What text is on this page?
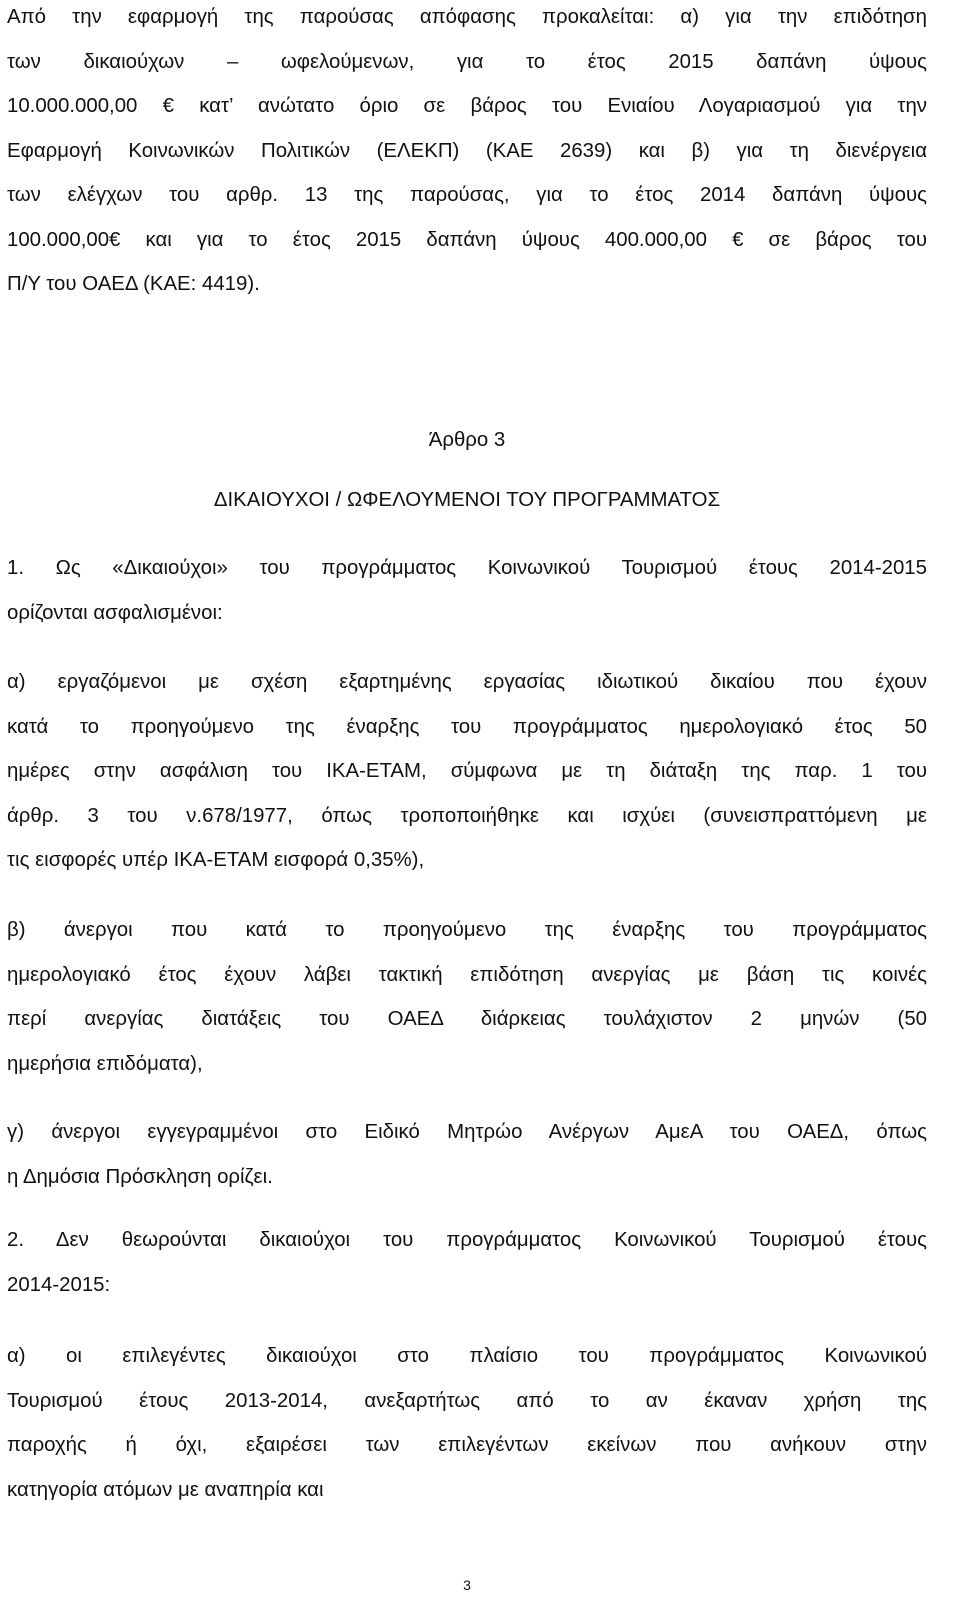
Από την εφαρμογή της παρούσας απόφασης προκαλείται: α) για την επιδότηση
των δικαιούχων – ωφελούμενων, για το έτος 2015 δαπάνη ύψους
10.000.000,00 € κατ’ ανώτατο όριο σε βάρος του Ενιαίου Λογαριασμού για την
Εφαρμογή Κοινωνικών Πολιτικών (ΕΛΕΚΠ) (ΚΑΕ 2639) και β) για τη διενέργεια
των ελέγχων του αρθρ. 13 της παρούσας, για το έτος 2014 δαπάνη ύψους
100.000,00€ και για το έτος 2015 δαπάνη ύψους 400.000,00 € σε βάρος του
Π/Υ του ΟΑΕΔ (ΚΑΕ: 4419).
Άρθρο 3
ΔΙΚΑΙΟΥΧΟΙ / ΩΦΕΛΟΥΜΕΝΟΙ ΤΟΥ ΠΡΟΓΡΑΜΜΑΤΟΣ
1. Ως «Δικαιούχοι» του προγράμματος Κοινωνικού Τουρισμού έτους 2014-2015
ορίζονται ασφαλισμένοι:
α) εργαζόμενοι με σχέση εξαρτημένης εργασίας ιδιωτικού δικαίου που έχουν
κατά το προηγούμενο της έναρξης του προγράμματος ημερολογιακό έτος 50
ημέρες στην ασφάλιση του ΙΚΑ-ΕΤΑΜ, σύμφωνα με τη διάταξη της παρ. 1 του
άρθρ. 3 του ν.678/1977, όπως τροποποιήθηκε και ισχύει (συνεισπραττόμενη με
τις εισφορές υπέρ ΙΚΑ-ΕΤΑΜ εισφορά 0,35%),
β) άνεργοι που κατά το προηγούμενο της έναρξης του προγράμματος
ημερολογιακό έτος έχουν λάβει τακτική επιδότηση ανεργίας με βάση τις κοινές
περί ανεργίας διατάξεις του ΟΑΕΔ διάρκειας τουλάχιστον 2 μηνών (50
ημερήσια επιδόματα),
γ) άνεργοι εγγεγραμμένοι στο Ειδικό Μητρώο Ανέργων ΑμεΑ του ΟΑΕΔ, όπως
η Δημόσια Πρόσκληση ορίζει.
2. Δεν θεωρούνται δικαιούχοι του προγράμματος Κοινωνικού Τουρισμού έτους
2014-2015:
α) οι επιλεγέντες δικαιούχοι στο πλαίσιο του προγράμματος Κοινωνικού
Τουρισμού έτους 2013-2014, ανεξαρτήτως από το αν έκαναν χρήση της
παροχής ή όχι, εξαιρέσει των επιλεγέντων εκείνων που ανήκουν στην
κατηγορία ατόμων με αναπηρία και
3
